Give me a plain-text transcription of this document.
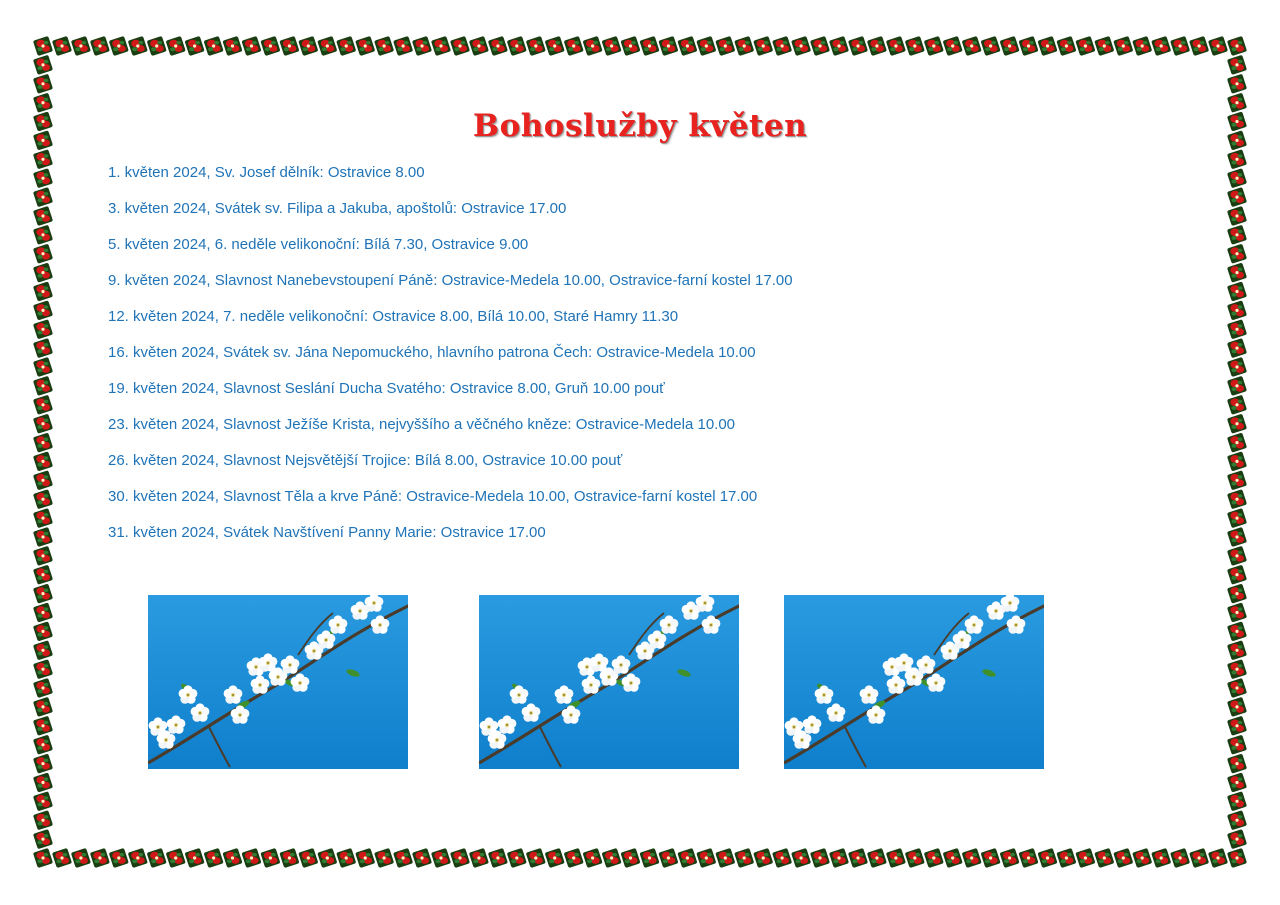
Bohoslužby květen
1. květen 2024, Sv. Josef dělník: Ostravice 8.00
3. květen 2024, Svátek sv. Filipa a Jakuba, apoštolů: Ostravice 17.00
5. květen 2024, 6. neděle velikonoční: Bílá 7.30, Ostravice 9.00
9. květen 2024, Slavnost Nanebevstoupení Páně: Ostravice-Medela 10.00, Ostravice-farní kostel 17.00
12. květen 2024, 7. neděle velikonoční: Ostravice 8.00, Bílá 10.00, Staré Hamry 11.30
16. květen 2024, Svátek sv. Jána Nepomuckého, hlavního patrona Čech: Ostravice-Medela 10.00
19. květen 2024, Slavnost Seslání Ducha Svatého: Ostravice 8.00, Gruň 10.00 pouť
23. květen 2024, Slavnost Ježíše Krista, nejvyššího a věčného kněze: Ostravice-Medela 10.00
26. květen 2024, Slavnost Nejsvětější Trojice: Bílá 8.00, Ostravice 10.00 pouť
30. květen 2024, Slavnost Těla a krve Páně: Ostravice-Medela 10.00, Ostravice-farní kostel 17.00
31. květen 2024, Svátek Navštívení Panny Marie: Ostravice 17.00
